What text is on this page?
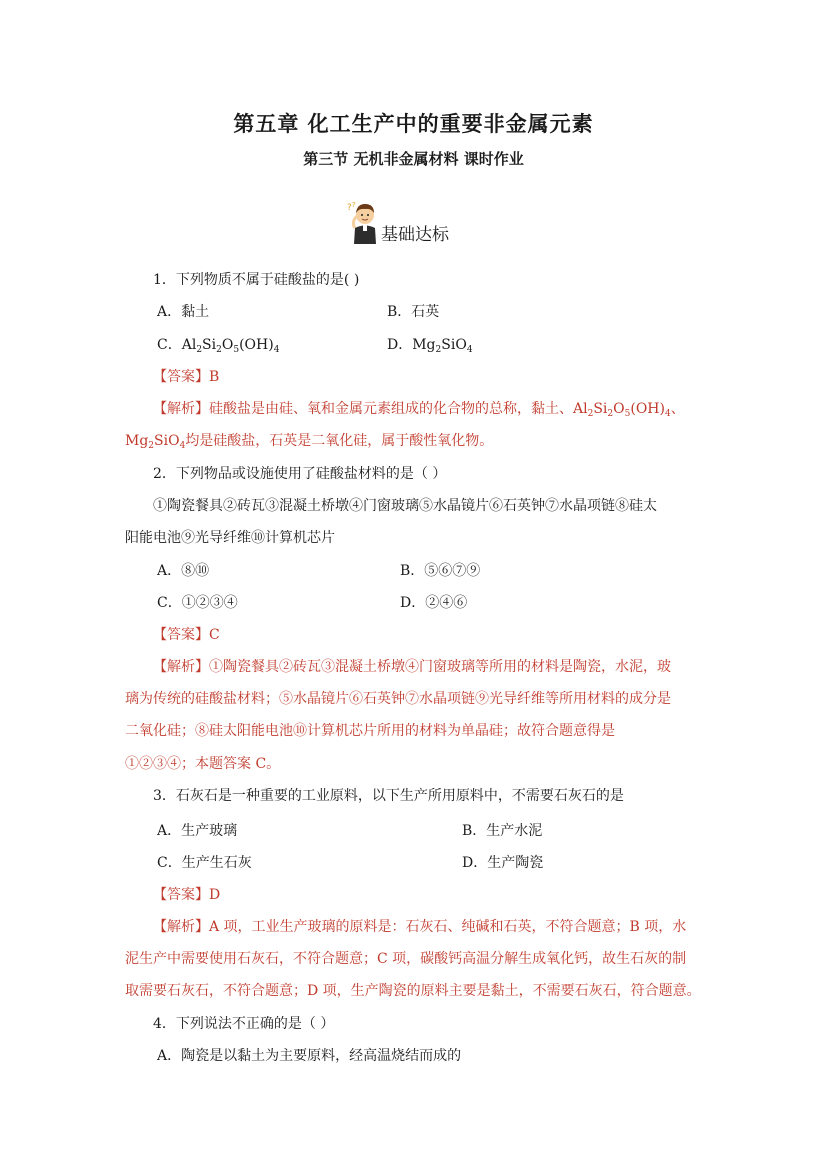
第五章 化工生产中的重要非金属元素
第三节 无机非金属材料 课时作业
? ?
基础达标
1．下列物质不属于硅酸盐的是( )
A．黏土	B．石英
C．$Al_2Si_2O_5(OH)_4$	D．$Mg_2SiO_4$
【答案】B
【解析】硅酸盐是由硅、氧和金属元素组成的化合物的总称，黏土、$Al_2Si_2O_5(OH)_4$、
$Mg_2SiO_4$均是硅酸盐，石英是二氧化硅，属于酸性氧化物。
2．下列物品或设施使用了硅酸盐材料的是（ ）
①陶瓷餐具②砖瓦③混凝土桥墩④门窗玻璃⑤水晶镜片⑥石英钟⑦水晶项链⑧硅太
阳能电池⑨光导纤维⑩计算机芯片
A．⑧⑩	B．⑤⑥⑦⑨
C．①②③④	D．②④⑥
【答案】C
【解析】①陶瓷餐具②砖瓦③混凝土桥墩④门窗玻璃等所用的材料是陶瓷，水泥，玻
璃为传统的硅酸盐材料；⑤水晶镜片⑥石英钟⑦水晶项链⑨光导纤维等所用材料的成分是
二氧化硅；⑧硅太阳能电池⑩计算机芯片所用的材料为单晶硅；故符合题意得是
①②③④；本题答案 C。
3．石灰石是一种重要的工业原料，以下生产所用原料中，不需要石灰石的是
A．生产玻璃	B．生产水泥
C．生产生石灰	D．生产陶瓷
【答案】D
【解析】A 项，工业生产玻璃的原料是：石灰石、纯碱和石英，不符合题意；B 项，水
泥生产中需要使用石灰石，不符合题意；C 项，碳酸钙高温分解生成氧化钙，故生石灰的制
取需要石灰石，不符合题意；D 项，生产陶瓷的原料主要是黏土，不需要石灰石，符合题意。
4．下列说法不正确的是（ ）
A．陶瓷是以黏土为主要原料，经高温烧结而成的
